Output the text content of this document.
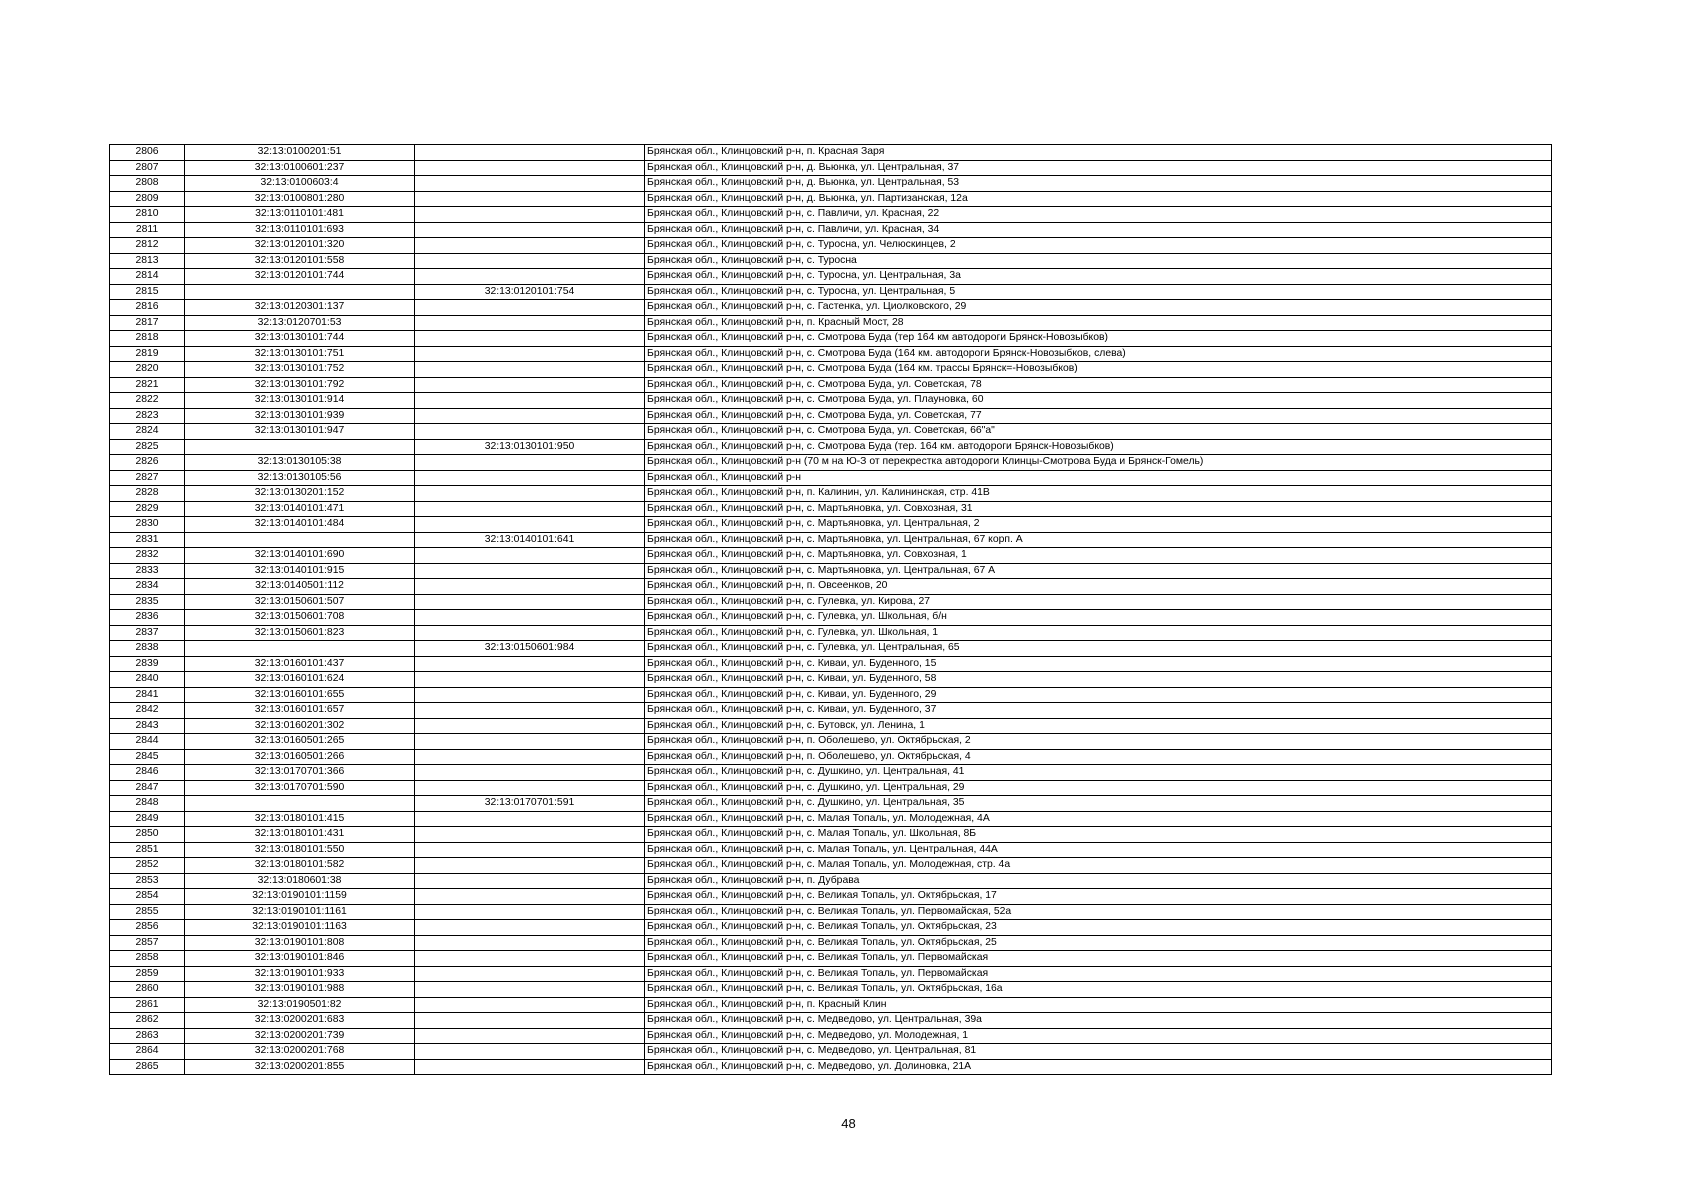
2806	32:13:0100201:51		Брянская обл., Клинцовский р-н, п. Красная Заря
2807	32:13:0100601:237		Брянская обл., Клинцовский р-н, д. Вьюнка, ул. Центральная, 37
2808	32:13:0100603:4		Брянская обл., Клинцовский р-н, д. Вьюнка, ул. Центральная, 53
2809	32:13:0100801:280		Брянская обл., Клинцовский р-н, д. Вьюнка, ул. Партизанская, 12а
2810	32:13:0110101:481		Брянская обл., Клинцовский р-н, с. Павличи, ул. Красная, 22
2811	32:13:0110101:693		Брянская обл., Клинцовский р-н, с. Павличи, ул. Красная, 34
2812	32:13:0120101:320		Брянская обл., Клинцовский р-н, с. Туросна, ул. Челюскинцев, 2
2813	32:13:0120101:558		Брянская обл., Клинцовский р-н, с. Туросна
2814	32:13:0120101:744		Брянская обл., Клинцовский р-н, с. Туросна, ул. Центральная, 3а
2815		32:13:0120101:754	Брянская обл., Клинцовский р-н, с. Туросна, ул. Центральная, 5
2816	32:13:0120301:137		Брянская обл., Клинцовский р-н, с. Гастенка, ул. Циолковского, 29
2817	32:13:0120701:53		Брянская обл., Клинцовский р-н, п. Красный Мост, 28
2818	32:13:0130101:744		Брянская обл., Клинцовский р-н, с. Смотрова Буда (тер 164 км автодороги Брянск-Новозыбков)
2819	32:13:0130101:751		Брянская обл., Клинцовский р-н, с. Смотрова Буда (164 км. автодороги Брянск-Новозыбков, слева)
2820	32:13:0130101:752		Брянская обл., Клинцовский р-н, с. Смотрова Буда (164 км. трассы Брянск=-Новозыбков)
2821	32:13:0130101:792		Брянская обл., Клинцовский р-н, с. Смотрова Буда, ул. Советская, 78
2822	32:13:0130101:914		Брянская обл., Клинцовский р-н, с. Смотрова Буда, ул. Плауновка, 60
2823	32:13:0130101:939		Брянская обл., Клинцовский р-н, с. Смотрова Буда, ул. Советская, 77
2824	32:13:0130101:947		Брянская обл., Клинцовский р-н, с. Смотрова Буда, ул. Советская, 66"а"
2825		32:13:0130101:950	Брянская обл., Клинцовский р-н, с. Смотрова Буда (тер. 164 км. автодороги Брянск-Новозыбков)
2826	32:13:0130105:38		Брянская обл., Клинцовский р-н (70 м на Ю-З от перекрестка автодороги Клинцы-Смотрова Буда и Брянск-Гомель)
2827	32:13:0130105:56		Брянская обл., Клинцовский р-н
2828	32:13:0130201:152		Брянская обл., Клинцовский р-н, п. Калинин, ул. Калининская, стр. 41В
2829	32:13:0140101:471		Брянская обл., Клинцовский р-н, с. Мартьяновка, ул. Совхозная, 31
2830	32:13:0140101:484		Брянская обл., Клинцовский р-н, с. Мартьяновка, ул. Центральная, 2
2831		32:13:0140101:641	Брянская обл., Клинцовский р-н, с. Мартьяновка, ул. Центральная, 67 корп. А
2832	32:13:0140101:690		Брянская обл., Клинцовский р-н, с. Мартьяновка, ул. Совхозная, 1
2833	32:13:0140101:915		Брянская обл., Клинцовский р-н, с. Мартьяновка, ул. Центральная, 67 А
2834	32:13:0140501:112		Брянская обл., Клинцовский р-н, п. Овсеенков, 20
2835	32:13:0150601:507		Брянская обл., Клинцовский р-н, с. Гулевка, ул. Кирова, 27
2836	32:13:0150601:708		Брянская обл., Клинцовский р-н, с. Гулевка, ул. Школьная, б/н
2837	32:13:0150601:823		Брянская обл., Клинцовский р-н, с. Гулевка, ул. Школьная, 1
2838		32:13:0150601:984	Брянская обл., Клинцовский р-н, с. Гулевка, ул. Центральная, 65
2839	32:13:0160101:437		Брянская обл., Клинцовский р-н, с. Киваи, ул. Буденного, 15
2840	32:13:0160101:624		Брянская обл., Клинцовский р-н, с. Киваи, ул. Буденного, 58
2841	32:13:0160101:655		Брянская обл., Клинцовский р-н, с. Киваи, ул. Буденного, 29
2842	32:13:0160101:657		Брянская обл., Клинцовский р-н, с. Киваи, ул. Буденного, 37
2843	32:13:0160201:302		Брянская обл., Клинцовский р-н, с. Бутовск, ул. Ленина, 1
2844	32:13:0160501:265		Брянская обл., Клинцовский р-н, п. Оболешево, ул. Октябрьская, 2
2845	32:13:0160501:266		Брянская обл., Клинцовский р-н, п. Оболешево, ул. Октябрьская, 4
2846	32:13:0170701:366		Брянская обл., Клинцовский р-н, с. Душкино, ул. Центральная, 41
2847	32:13:0170701:590		Брянская обл., Клинцовский р-н, с. Душкино, ул. Центральная, 29
2848		32:13:0170701:591	Брянская обл., Клинцовский р-н, с. Душкино, ул. Центральная, 35
2849	32:13:0180101:415		Брянская обл., Клинцовский р-н, с. Малая Топаль, ул. Молодежная, 4А
2850	32:13:0180101:431		Брянская обл., Клинцовский р-н, с. Малая Топаль, ул. Школьная, 8Б
2851	32:13:0180101:550		Брянская обл., Клинцовский р-н, с. Малая Топаль, ул. Центральная, 44А
2852	32:13:0180101:582		Брянская обл., Клинцовский р-н, с. Малая Топаль, ул. Молодежная, стр. 4а
2853	32:13:0180601:38		Брянская обл., Клинцовский р-н, п. Дубрава
2854	32:13:0190101:1159		Брянская обл., Клинцовский р-н, с. Великая Топаль, ул. Октябрьская, 17
2855	32:13:0190101:1161		Брянская обл., Клинцовский р-н, с. Великая Топаль, ул. Первомайская, 52а
2856	32:13:0190101:1163		Брянская обл., Клинцовский р-н, с. Великая Топаль, ул. Октябрьская, 23
2857	32:13:0190101:808		Брянская обл., Клинцовский р-н, с. Великая Топаль, ул. Октябрьская, 25
2858	32:13:0190101:846		Брянская обл., Клинцовский р-н, с. Великая Топаль, ул. Первомайская
2859	32:13:0190101:933		Брянская обл., Клинцовский р-н, с. Великая Топаль, ул. Первомайская
2860	32:13:0190101:988		Брянская обл., Клинцовский р-н, с. Великая Топаль, ул. Октябрьская, 16а
2861	32:13:0190501:82		Брянская обл., Клинцовский р-н, п. Красный Клин
2862	32:13:0200201:683		Брянская обл., Клинцовский р-н, с. Медведово, ул. Центральная, 39а
2863	32:13:0200201:739		Брянская обл., Клинцовский р-н, с. Медведово, ул. Молодежная, 1
2864	32:13:0200201:768		Брянская обл., Клинцовский р-н, с. Медведово, ул. Центральная, 81
2865	32:13:0200201:855		Брянская обл., Клинцовский р-н, с. Медведово, ул. Долиновка, 21А
48
